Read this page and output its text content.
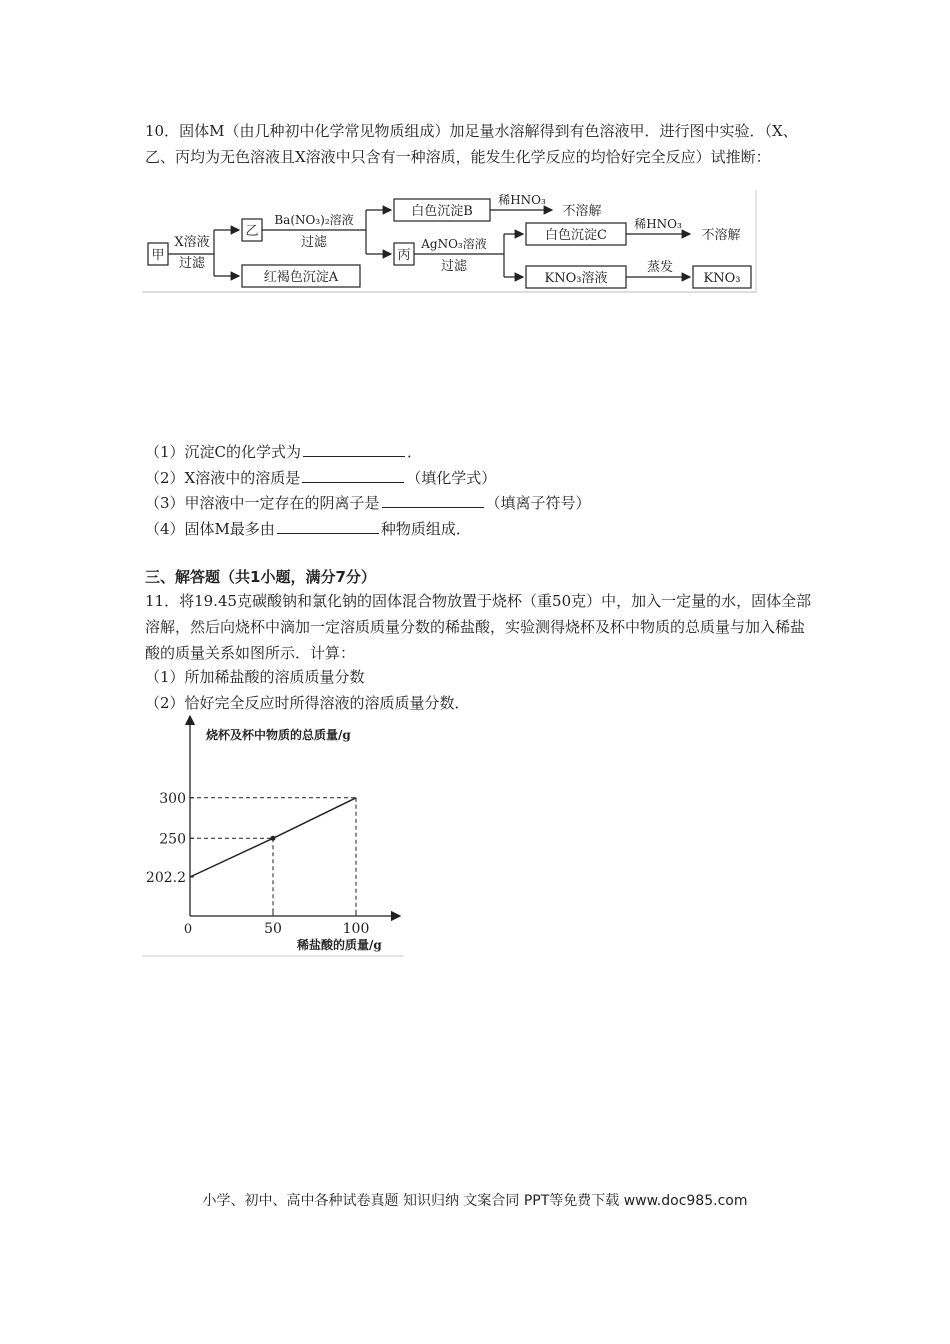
10．固体M（由几种初中化学常见物质组成）加足量水溶解得到有色溶液甲．进行图中实验．（X、乙、丙均为无色溶液且X溶液中只含有一种溶质，能发生化学反应的均恰好完全反应）试推断：
甲
X溶液
过滤
乙
Ba(NO₃)₂溶液
过滤
红褐色沉淀A
白色沉淀B
稀HNO₃
不溶解
丙
AgNO₃溶液
过滤
白色沉淀C
稀HNO₃
不溶解
KNO₃溶液
蒸发
KNO₃
（1）沉淀C的化学式为	．
（2）X溶液中的溶质是	（填化学式）
（3）甲溶液中一定存在的阴离子是	（填离子符号）
（4）固体M最多由	种物质组成．
三、解答题（共1小题，满分7分）
11．将19.45克碳酸钠和氯化钠的固体混合物放置于烧杯（重50克）中，加入一定量的水，固体全部溶解，然后向烧杯中滴加一定溶质质量分数的稀盐酸，实验测得烧杯及杯中物质的总质量与加入稀盐酸的质量关系如图所示．计算：
（1）所加稀盐酸的溶质质量分数
（2）恰好完全反应时所得溶液的溶质质量分数．
烧杯及杯中物质的总质量/g
稀盐酸的质量/g
0
202.2
250
300
50	100
小学、初中、高中各种试卷真题 知识归纳 文案合同 PPT等免费下载 www.doc985.com
